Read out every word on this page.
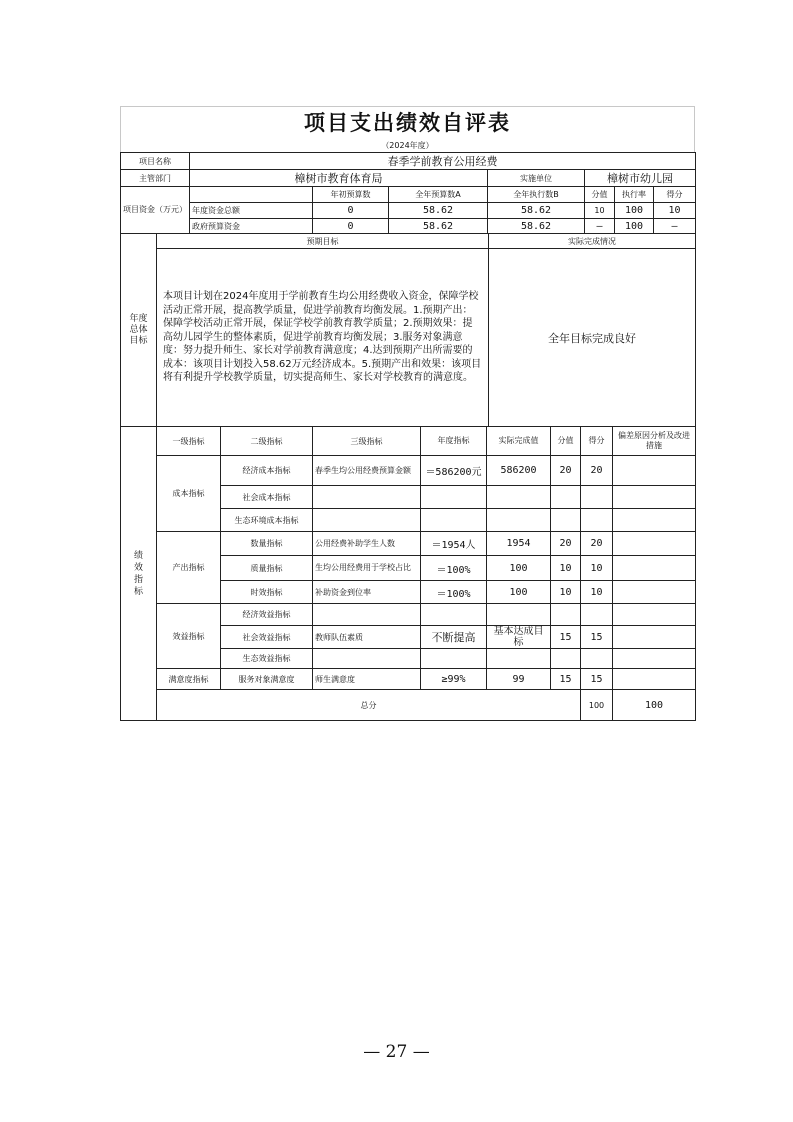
项目支出绩效自评表
（2024年度）
项目名称	春季学前教育公用经费						
主管部门	樟树市教育体育局			实施单位	樟树市幼儿园		
项目资金（万元）		年初预算数	全年预算数A	全年执行数B	分值	执行率	得分
	年度资金总额	0	58.62	58.62	10	100	10
	政府预算资金	0	58.62	58.62	—	100	—
年度总体目标	预期目标	实际完成情况
	本项目计划在2024年度用于学前教育生均公用经费收入资金，保障学校活动正常开展，提高教学质量，促进学前教育均衡发展。1.预期产出：保障学校活动正常开展，保证学校学前教育教学质量；2.预期效果：提高幼儿园学生的整体素质，促进学前教育均衡发展；3.服务对象满意度：努力提升师生、家长对学前教育满意度；4.达到预期产出所需要的成本：该项目计划投入58.62万元经济成本。5.预期产出和效果：该项目将有利提升学校教学质量，切实提高师生、家长对学校教育的满意度。	全年目标完成良好
绩效指标	一级指标	二级指标	三级指标	年度指标	实际完成值	分值	得分	偏差原因分析及改进措施	
	成本指标	经济成本指标	春季生均公用经费预算金额	＝586200元	586200	20	20		
		社会成本指标							
		生态环境成本指标							
	产出指标	数量指标	公用经费补助学生人数	＝1954人	1954	20	20		
		质量指标	生均公用经费用于学校占比	＝100%	100	10	10		
		时效指标	补助资金到位率	＝100%	100	10	10		
	效益指标	经济效益指标							
		社会效益指标	教师队伍素质	不断提高	基本达成目标	15	15		
		生态效益指标							
	满意度指标	服务对象满意度	师生满意度	≥99%	99	15	15		
	总分						100	100	
— 27 —
